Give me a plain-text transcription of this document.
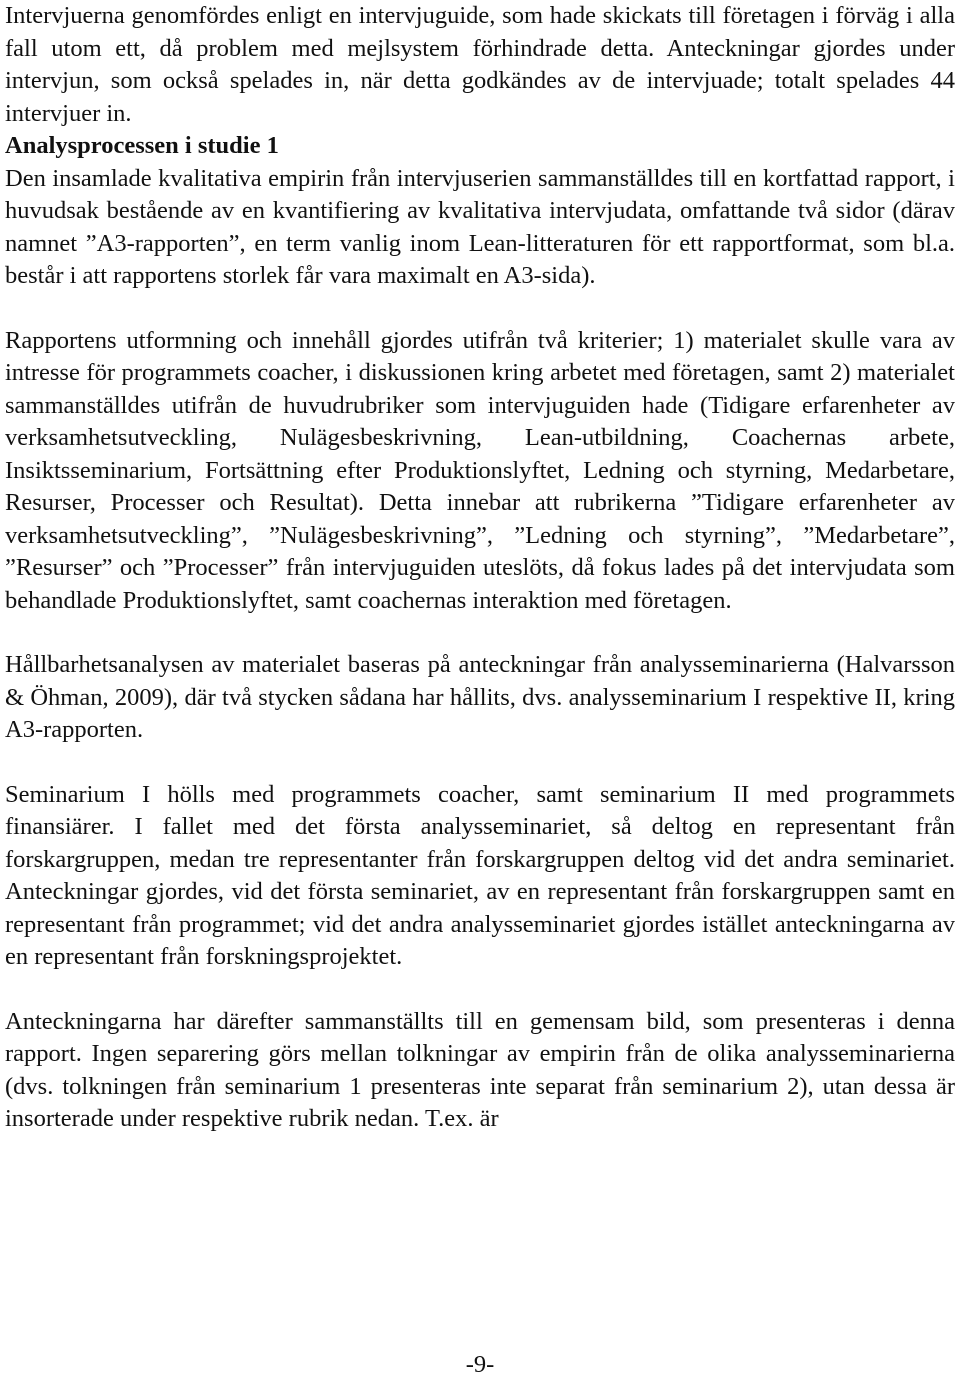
Intervjuerna genomfördes enligt en intervjuguide, som hade skickats till företagen i förväg i alla fall utom ett, då problem med mejlsystem förhindrade detta. Anteckningar gjordes under intervjun, som också spelades in, när detta godkändes av de intervjuade; totalt spelades 44 intervjuer in.

Analysprocessen i studie 1
Den insamlade kvalitativa empirin från intervjuserien sammanställdes till en kortfattad rapport, i huvudsak bestående av en kvantifiering av kvalitativa intervjudata, omfattande två sidor (därav namnet ”A3-rapporten”, en term vanlig inom Lean-litteraturen för ett rapportformat, som bl.a. består i att rapportens storlek får vara maximalt en A3-sida).

Rapportens utformning och innehåll gjordes utifrån två kriterier; 1) materialet skulle vara av intresse för programmets coacher, i diskussionen kring arbetet med företagen, samt 2) materialet sammanställdes utifrån de huvudrubriker som intervjuguiden hade (Tidigare erfarenheter av verksamhetsutveckling, Nulägesbeskrivning, Lean-utbildning, Coachernas arbete, Insiktsseminarium, Fortsättning efter Produktionslyftet, Ledning och styrning, Medarbetare, Resurser, Processer och Resultat). Detta innebar att rubrikerna ”Tidigare erfarenheter av verksamhetsutveckling”, ”Nulägesbeskrivning”, ”Ledning och styrning”, ”Medarbetare”, ”Resurser” och ”Processer” från intervjuguiden uteslöts, då fokus lades på det intervjudata som behandlade Produktionslyftet, samt coachernas interaktion med företagen.

Hållbarhetsanalysen av materialet baseras på anteckningar från analysseminarierna (Halvarsson & Öhman, 2009), där två stycken sådana har hållits, dvs. analysseminarium I respektive II, kring A3-rapporten.

Seminarium I hölls med programmets coacher, samt seminarium II med programmets finansiärer. I fallet med det första analysseminariet, så deltog en representant från forskargruppen, medan tre representanter från forskargruppen deltog vid det andra seminariet. Anteckningar gjordes, vid det första seminariet, av en representant från forskargruppen samt en representant från programmet; vid det andra analysseminariet gjordes istället anteckningarna av en representant från forskningsprojektet.

Anteckningarna har därefter sammanställts till en gemensam bild, som presenteras i denna rapport. Ingen separering görs mellan tolkningar av empirin från de olika analysseminarierna (dvs. tolkningen från seminarium 1 presenteras inte separat från seminarium 2), utan dessa är insorterade under respektive rubrik nedan. T.ex. är

-9-
